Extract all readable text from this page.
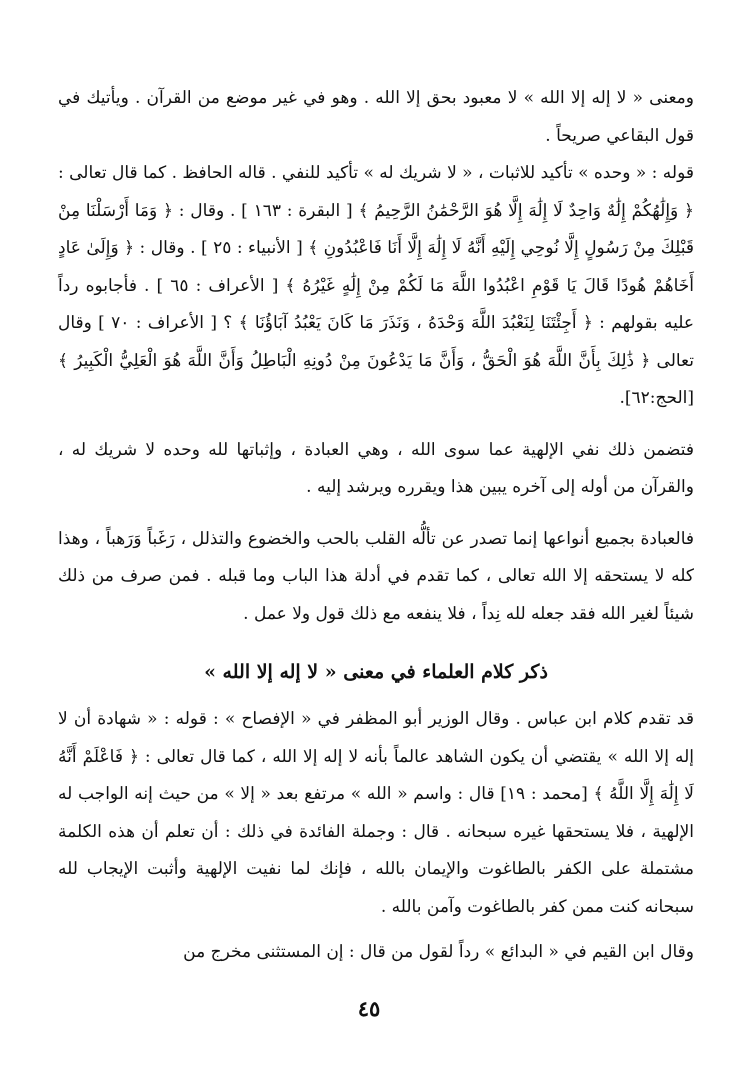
ومعنى « لا إله إلا الله » لا معبود بحق إلا الله . وهو في غير موضع من القرآن . ويأتيك في قول البقاعي صريحاً .

قوله : « وحده » تأكيد للاثبات ، « لا شريك له » تأكيد للنفي . قاله الحافظ . كما قال تعالى : ﴿ وَإِلَٰهُكُمْ إِلَٰهٌ وَاحِدٌ لَا إِلَٰهَ إِلَّا هُوَ الرَّحْمَٰنُ الرَّحِيمُ ﴾ [ البقرة : ١٦٣ ] . وقال : ﴿ وَمَا أَرْسَلْنَا مِنْ قَبْلِكَ مِنْ رَسُولٍ إِلَّا نُوحِي إِلَيْهِ أَنَّهُ لَا إِلَٰهَ إِلَّا أَنَا فَاعْبُدُونِ ﴾ [ الأنبياء : ٢٥ ] . وقال : ﴿ وَإِلَىٰ عَادٍ أَخَاهُمْ هُودًا قَالَ يَا قَوْمِ اعْبُدُوا اللَّهَ مَا لَكُمْ مِنْ إِلَٰهٍ غَيْرُهُ ﴾ [ الأعراف : ٦٥ ] . فأجابوه رداً عليه بقولهم : ﴿ أَجِئْتَنَا لِنَعْبُدَ اللَّهَ وَحْدَهُ ، وَنَذَرَ مَا كَانَ يَعْبُدُ آبَاؤُنَا ﴾ ؟ [ الأعراف : ٧٠ ] وقال تعالى ﴿ ذَٰلِكَ بِأَنَّ اللَّهَ هُوَ الْحَقُّ ، وَأَنَّ مَا يَدْعُونَ مِنْ دُونِهِ الْبَاطِلُ وَأَنَّ اللَّهَ هُوَ الْعَلِيُّ الْكَبِيرُ ﴾[الحج:٦٢].

فتضمن ذلك نفي الإلهية عما سوى الله ، وهي العبادة ، وإثباتها لله وحده لا شريك له ، والقرآن من أوله إلى آخره يبين هذا ويقرره ويرشد إليه .

فالعبادة بجميع أنواعها إنما تصدر عن تألُّه القلب بالحب والخضوع والتذلل ، رَغَباً وَرَهباً ، وهذا كله لا يستحقه إلا الله تعالى ، كما تقدم في أدلة هذا الباب وما قبله . فمن صرف من ذلك شيئاً لغير الله فقد جعله لله نِداً ، فلا ينفعه مع ذلك قول ولا عمل .

ذكر كلام العلماء في معنى « لا إله إلا الله »

قد تقدم كلام ابن عباس . وقال الوزير أبو المظفر في « الإفصاح » : قوله : « شهادة أن لا إله إلا الله » يقتضي أن يكون الشاهد عالماً بأنه لا إله إلا الله ، كما قال تعالى : ﴿ فَاعْلَمْ أَنَّهُ لَا إِلَٰهَ إِلَّا اللَّهُ ﴾ [محمد : ١٩] قال : واسم « الله » مرتفع بعد « إلا » من حيث إنه الواجب له الإلهية ، فلا يستحقها غيره سبحانه . قال : وجملة الفائدة في ذلك : أن تعلم أن هذه الكلمة مشتملة على الكفر بالطاغوت والإيمان بالله ، فإنك لما نفيت الإلهية وأثبت الإيجاب لله سبحانه كنت ممن كفر بالطاغوت وآمن بالله .

وقال ابن القيم في « البدائع » رداً لقول من قال : إن المستثنى مخرج من

٤٥
